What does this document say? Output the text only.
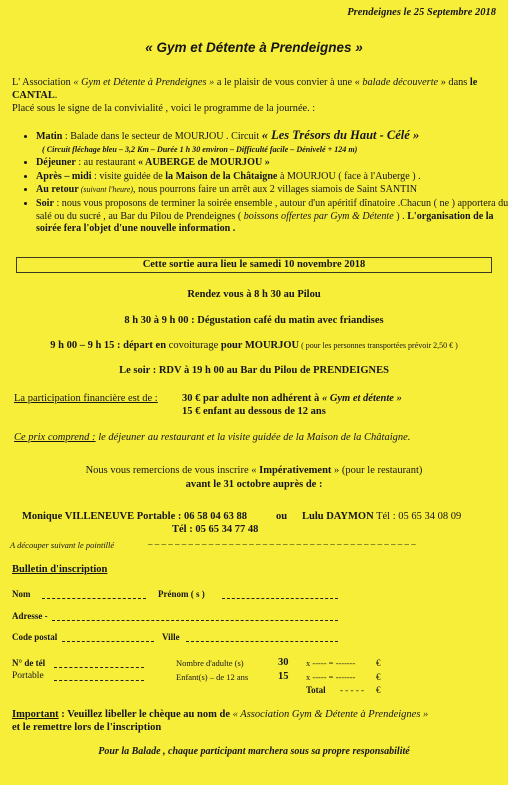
Prendeignes le 25 Septembre 2018
« Gym et Détente à Prendeignes »
L' Association « Gym et Détente à Prendeignes » a le plaisir de vous convier à une « balade découverte » dans le CANTAL.
Placé sous le signe de la convivialité , voici le programme de la journée. :
• Matin : Balade dans le secteur de MOURJOU . Circuit « Les Trésors du Haut - Célé »
( Circuit fléchage bleu – 3,2 Km – Durée 1 h 30 environ – Difficulté facile – Dénivelé + 124 m)
• Déjeuner : au restaurant « AUBERGE de MOURJOU »
• Après – midi : visite guidée de la Maison de la Châtaigne à MOURJOU ( face à l'Auberge ) .
• Au retour (suivant l'heure), nous pourrons faire un arrêt aux 2 villages siamois de Saint SANTIN
• Soir : nous vous proposons de terminer la soirée ensemble , autour d'un apéritif dînatoire .Chacun ( ne ) apportera du salé ou du sucré , au Bar du Pilou de Prendeignes ( boissons offertes par Gym & Détente ) . L'organisation de la soirée fera l'objet d'une nouvelle information .
Cette sortie aura lieu le samedi 10 novembre 2018
Rendez vous à 8 h 30 au Pilou
8 h 30 à 9 h 00 : Dégustation café du matin avec friandises
9 h 00 – 9 h 15 : départ en covoiturage pour MOURJOU ( pour les personnes transportées prévoir 2,50 € )
Le soir : RDV à 19 h 00 au Bar du Pilou de PRENDEIGNES
La participation financière est de : 30 € par adulte non adhérent à « Gym et détente »
15 € enfant au dessous de 12 ans
Ce prix comprend : le déjeuner au restaurant et la visite guidée de la Maison de la Châtaigne.
Nous vous remercions de vous inscrire « Impérativement » (pour le restaurant)
avant le 31 octobre auprès de :
Monique VILLENEUVE Portable : 06 58 04 63 88	ou Lulu DAYMON Tél : 05 65 34 08 09
Tél : 05 65 34 77 48
A découper suivant le pointillé	– – – – – – – – – – – – – – – – – – – – – – – – – – – – – – – – – – – – – – – –
Bulletin d'inscription
Nom	Prénom ( s )
Adresse -
Code postal	Ville
N° de tél
Portable
Nombre d'adulte (s)	30 x ----- = ------- €
Enfant(s) – de 12 ans	15 x ----- = ------- €
Total - - - - - €
Important : Veuillez libeller le chèque au nom de « Association Gym & Détente à Prendeignes »
et le remettre lors de l'inscription
Pour la Balade , chaque participant marchera sous sa propre responsabilité
